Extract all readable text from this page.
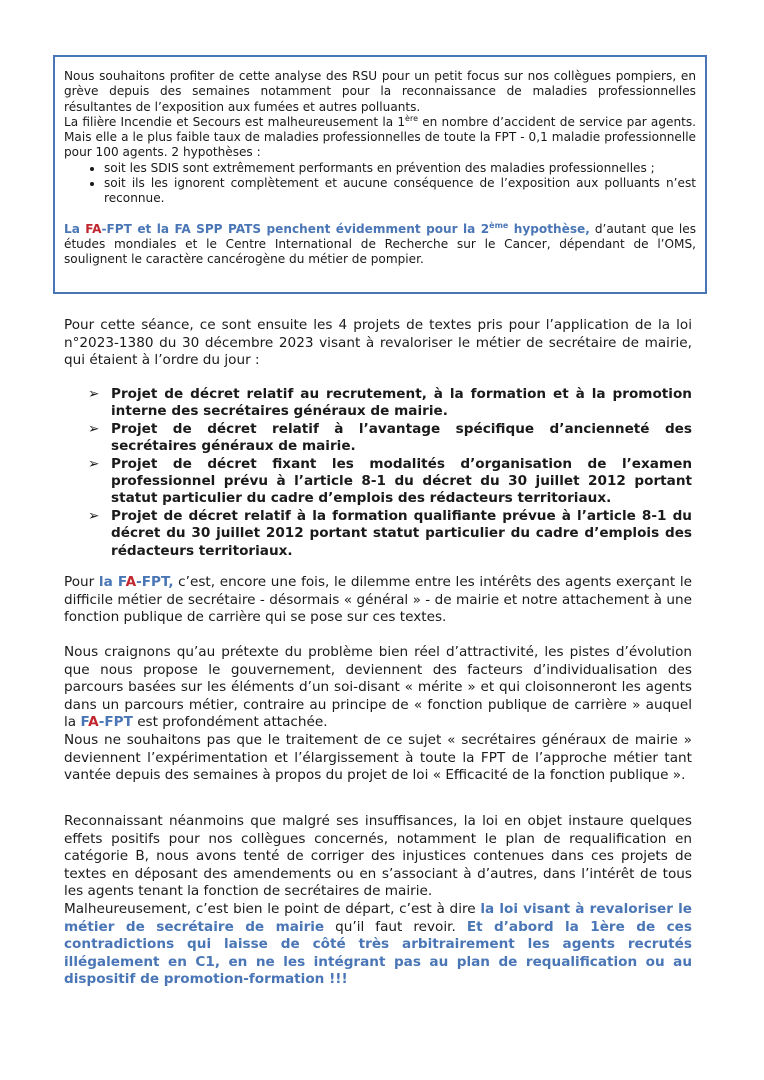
Nous souhaitons profiter de cette analyse des RSU pour un petit focus sur nos collègues pompiers, en grève depuis des semaines notamment pour la reconnaissance de maladies professionnelles résultantes de l’exposition aux fumées et autres polluants.

La filière Incendie et Secours est malheureusement la 1ère en nombre d’accident de service par agents. Mais elle a le plus faible taux de maladies professionnelles de toute la FPT - 0,1 maladie professionnelle pour 100 agents. 2 hypothèses :

• soit les SDIS sont extrêmement performants en prévention des maladies professionnelles ;
• soit ils les ignorent complètement et aucune conséquence de l’exposition aux polluants n’est reconnue.

La FA-FPT et la FA SPP PATS penchent évidemment pour la 2ème hypothèse, d’autant que les études mondiales et le Centre International de Recherche sur le Cancer, dépendant de l’OMS, soulignent le caractère cancérogène du métier de pompier.

Pour cette séance, ce sont ensuite les 4 projets de textes pris pour l’application de la loi n°2023-1380 du 30 décembre 2023 visant à revaloriser le métier de secrétaire de mairie, qui étaient à l’ordre du jour :

➢ Projet de décret relatif au recrutement, à la formation et à la promotion interne des secrétaires généraux de mairie.
➢ Projet de décret relatif à l’avantage spécifique d’ancienneté des secrétaires généraux de mairie.
➢ Projet de décret fixant les modalités d’organisation de l’examen professionnel prévu à l’article 8-1 du décret du 30 juillet 2012 portant statut particulier du cadre d’emplois des rédacteurs territoriaux.
➢ Projet de décret relatif à la formation qualifiante prévue à l’article 8-1 du décret du 30 juillet 2012 portant statut particulier du cadre d’emplois des rédacteurs territoriaux.

Pour la FA-FPT, c’est, encore une fois, le dilemme entre les intérêts des agents exerçant le difficile métier de secrétaire - désormais « général » - de mairie et notre attachement à une fonction publique de carrière qui se pose sur ces textes.

Nous craignons qu’au prétexte du problème bien réel d’attractivité, les pistes d’évolution que nous propose le gouvernement, deviennent des facteurs d’individualisation des parcours basées sur les éléments d’un soi-disant « mérite » et qui cloisonneront les agents dans un parcours métier, contraire au principe de « fonction publique de carrière » auquel la FA-FPT est profondément attachée.

Nous ne souhaitons pas que le traitement de ce sujet « secrétaires généraux de mairie » deviennent l’expérimentation et l’élargissement à toute la FPT de l’approche métier tant vantée depuis des semaines à propos du projet de loi « Efficacité de la fonction publique ».

Reconnaissant néanmoins que malgré ses insuffisances, la loi en objet instaure quelques effets positifs pour nos collègues concernés, notamment le plan de requalification en catégorie B, nous avons tenté de corriger des injustices contenues dans ces projets de textes en déposant des amendements ou en s’associant à d’autres, dans l’intérêt de tous les agents tenant la fonction de secrétaires de mairie.

Malheureusement, c’est bien le point de départ, c’est à dire la loi visant à revaloriser le métier de secrétaire de mairie qu’il faut revoir. Et d’abord la 1ère de ces contradictions qui laisse de côté très arbitrairement les agents recrutés illégalement en C1, en ne les intégrant pas au plan de requalification ou au dispositif de promotion-formation !!!
